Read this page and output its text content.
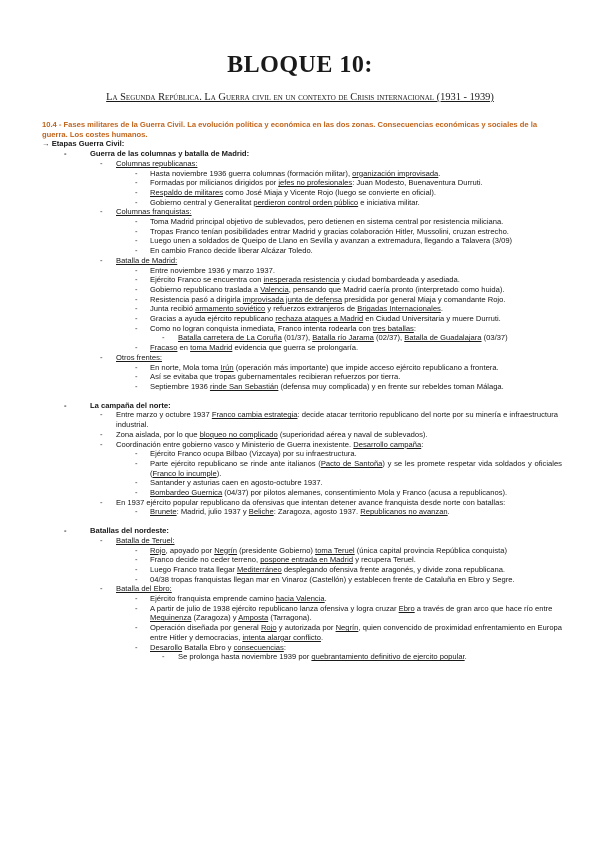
BLOQUE 10:

La Segunda República. La Guerra civil en un contexto de Crisis internacional (1931 - 1939)

10.4 - Fases militares de la Guerra Civil. La evolución política y económica en las dos zonas. Consecuencias económicas y sociales de la guerra. Los costes humanos.

→ Etapas Guerra Civil:

-	Guerra de las columnas y batalla de Madrid:
- Columnas republicanas:
- Hasta noviembre 1936 guerra columnas (formación militar), organización improvisada.
- Formadas por milicianos dirigidos por jefes no profesionales: Juan Modesto, Buenaventura Durruti.
- Respaldo de militares como José Miaja y Vicente Rojo (luego se convierte en oficial).
- Gobierno central y Generalitat perdieron control orden público e iniciativa militar.
- Columnas franquistas:
- Toma Madrid principal objetivo de sublevados, pero detienen en sistema central por resistencia miliciana.
- Tropas Franco tenían posibilidades entrar Madrid y gracias colaboración Hitler, Mussolini, cruzan estrecho.
- Luego unen a soldados de Queipo de Llano en Sevilla y avanzan a extremadura, llegando a Talavera (3/09)
- En cambio Franco decide liberar Alcázar Toledo.
- Batalla de Madrid:
- Entre noviembre 1936 y marzo 1937.
- Ejército Franco se encuentra con inesperada resistencia y ciudad bombardeada y asediada.
- Gobierno republicano traslada a Valencia, pensando que Madrid caería pronto (interpretado como huida).
- Resistencia pasó a dirigirla improvisada junta de defensa presidida por general Miaja y comandante Rojo.
- Junta recibió armamento soviético y refuerzos extranjeros de Brigadas Internacionales.
- Gracias a ayuda ejército republicano rechaza ataques a Madrid en Ciudad Universitaria y muere Durruti.
- Como no logran conquista inmediata, Franco intenta rodearla con tres batallas:
- Batalla carretera de La Coruña (01/37), Batalla río Jarama (02/37), Batalla de Guadalajara (03/37)
- Fracaso en toma Madrid evidencia que guerra se prolongaría.
- Otros frentes:
- En norte, Mola toma Irún (operación más importante) que impide acceso ejército republicano a frontera.
- Así se evitaba que tropas gubernamentales recibieran refuerzos por tierra.
- Septiembre 1936 rinde San Sebastián (defensa muy complicada) y en frente sur rebeldes toman Málaga.
-	La campaña del norte:
- Entre marzo y octubre 1937 Franco cambia estrategia: decide atacar territorio republicano del norte por su minería e infraestructura industrial.
- Zona aislada, por lo que bloqueo no complicado (superioridad aérea y naval de sublevados).
- Coordinación entre gobierno vasco y Ministerio de Guerra inexistente. Desarrollo campaña:
- Ejército Franco ocupa Bilbao (Vizcaya) por su infraestructura.
- Parte ejército republicano se rinde ante italianos (Pacto de Santoña) y se les promete respetar vida soldados y oficiales (Franco lo incumple).
- Santander y asturias caen en agosto-octubre 1937.
- Bombardeo Guernica (04/37) por pilotos alemanes, consentimiento Mola y Franco (acusa a republicanos).
- En 1937 ejército popular republicano da ofensivas que intentan detener avance franquista desde norte con batallas:
- Brunete: Madrid, julio 1937 y Beliche: Zaragoza, agosto 1937. Republicanos no avanzan.
-	Batallas del nordeste:
- Batalla de Teruel:
- Rojo, apoyado por Negrín (presidente Gobierno) toma Teruel (única capital provincia República conquista)
- Franco decide no ceder terreno, pospone entrada en Madrid y recupera Teruel.
- Luego Franco trata llegar Mediterráneo desplegando ofensiva frente aragonés, y divide zona republicana.
- 04/38 tropas franquistas llegan mar en Vinaroz (Castellón) y establecen frente de Cataluña en Ebro y Segre.
- Batalla del Ebro:
- Ejército franquista emprende camino hacia Valencia.
- A partir de julio de 1938 ejército republicano lanza ofensiva y logra cruzar Ebro a través de gran arco que hace río entre Mequinenza (Zaragoza) y Amposta (Tarragona).
- Operación diseñada por general Rojo y autorizada por Negrín, quien convencido de proximidad enfrentamiento en Europa entre Hitler y democracias, intenta alargar conflicto.
- Desarollo Batalla Ebro y consecuencias:
- Se prolonga hasta noviembre 1939 por quebrantamiento definitivo de ejercito popular.
